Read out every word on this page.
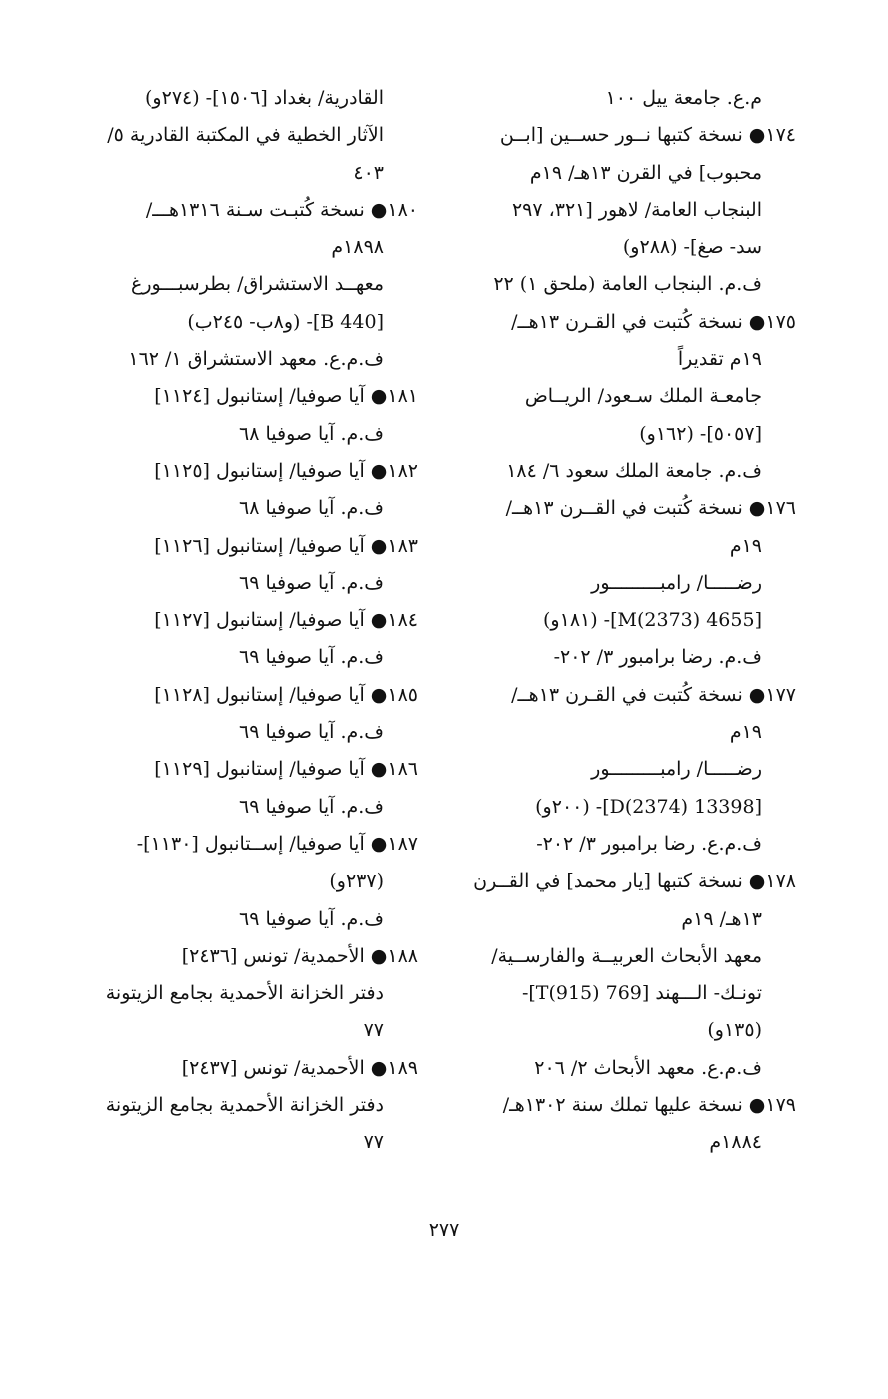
م.ع. جامعة ييل ١٠٠
١٧٤● نسخة كتبها نــور حســين [ابــن
محبوب] في القرن ١٣هـ/ ١٩م
البنجاب العامة/ لاهور [٣٢١، ٢٩٧
سد- صغ]- (٢٨٨و)
ف.م. البنجاب العامة (ملحق ١) ٢٢
١٧٥● نسخة كُتبت في القـرن ١٣هــ/
١٩م تقديراً
جامعـة الملك سـعود/ الريــاض
[٥٠٥٧]- (١٦٢و)
ف.م. جامعة الملك سعود ٦/ ١٨٤
١٧٦● نسخة كُتبت في القــرن ١٣هــ/
١٩م
رضـــــا/ رامبـــــــــور
[4655 M(2373)]- (١٨١و)
ف.م. رضا برامبور ٣/ ٢٠٢-
١٧٧● نسخة كُتبت في القـرن ١٣هــ/
١٩م
رضـــــا/ رامبـــــــــور
[13398 D(2374)]- (٢٠٠و)
ف.م.ع. رضا برامبور ٣/ ٢٠٢-
١٧٨● نسخة كتبها [يار محمد] في القــرن
١٣هـ/ ١٩م
معهد الأبحاث العربيــة والفارســية/
تونـك- الـــهند [769 T(915)]-
(١٣٥و)
ف.م.ع. معهد الأبحاث ٢/ ٢٠٦
١٧٩● نسخة عليها تملك سنة ١٣٠٢هـ/
١٨٨٤م
القادرية/ بغداد [١٥٠٦]- (٢٧٤و)
الآثار الخطية في المكتبة القادرية ٥/
٤٠٣
١٨٠● نسخة كُتبـت سـنة ١٣١٦هـــ/
١٨٩٨م
معهــد الاستشراق/ بطرسبـــورغ
[B 440]- (و٨ب- ٢٤٥ب)
ف.م.ع. معهد الاستشراق ١/ ١٦٢
١٨١● آيا صوفيا/ إستانبول [١١٢٤]
ف.م. آيا صوفيا ٦٨
١٨٢● آيا صوفيا/ إستانبول [١١٢٥]
ف.م. آيا صوفيا ٦٨
١٨٣● آيا صوفيا/ إستانبول [١١٢٦]
ف.م. آيا صوفيا ٦٩
١٨٤● آيا صوفيا/ إستانبول [١١٢٧]
ف.م. آيا صوفيا ٦٩
١٨٥● آيا صوفيا/ إستانبول [١١٢٨]
ف.م. آيا صوفيا ٦٩
١٨٦● آيا صوفيا/ إستانبول [١١٢٩]
ف.م. آيا صوفيا ٦٩
١٨٧● آيا صوفيا/ إســتانبول [١١٣٠]-
(٢٣٧و)
ف.م. آيا صوفيا ٦٩
١٨٨● الأحمدية/ تونس [٢٤٣٦]
دفتر الخزانة الأحمدية بجامع الزيتونة
٧٧
١٨٩● الأحمدية/ تونس [٢٤٣٧]
دفتر الخزانة الأحمدية بجامع الزيتونة
٧٧
٢٧٧
